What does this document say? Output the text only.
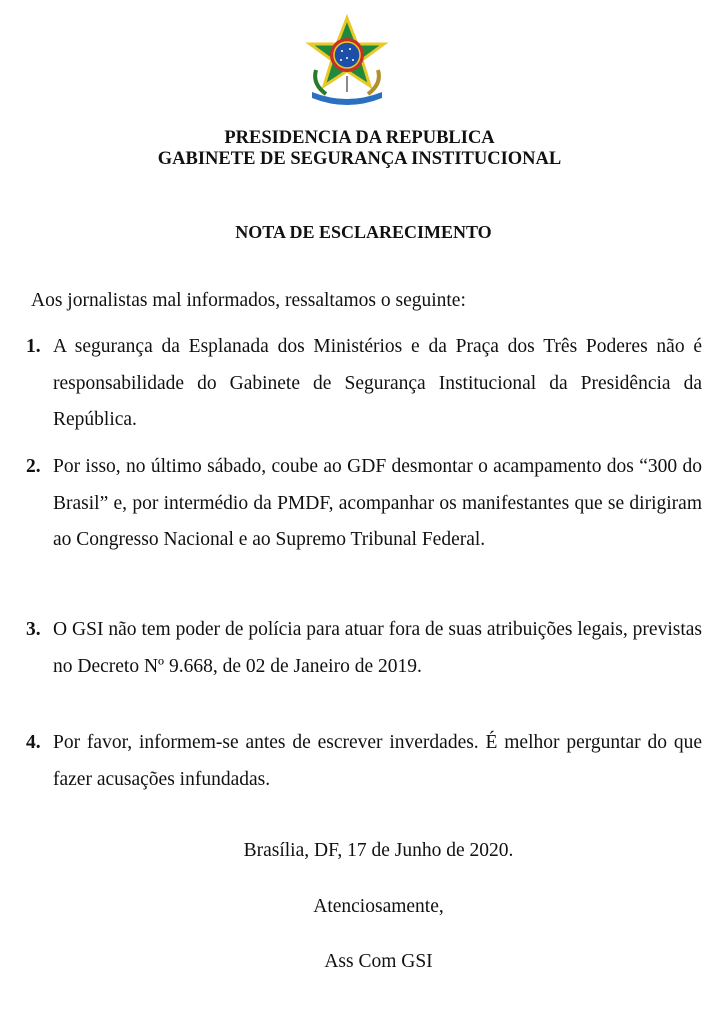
PRESIDENCIA DA REPUBLICA
GABINETE DE SEGURANÇA INSTITUCIONAL
NOTA DE ESCLARECIMENTO
Aos jornalistas mal informados, ressaltamos o seguinte:
1. A segurança da Esplanada dos Ministérios e da Praça dos Três Poderes não é responsabilidade do Gabinete de Segurança Institucional da Presidência da República.
2. Por isso, no último sábado, coube ao GDF desmontar o acampamento dos “300 do Brasil” e, por intermédio da PMDF, acompanhar os manifestantes que se dirigiram ao Congresso Nacional e ao Supremo Tribunal Federal.
3. O GSI não tem poder de polícia para atuar fora de suas atribuições legais, previstas no Decreto Nº 9.668, de 02 de Janeiro de 2019.
4. Por favor, informem-se antes de escrever inverdades. É melhor perguntar do que fazer acusações infundadas.
Brasília, DF, 17 de Junho de 2020.
Atenciosamente,
Ass Com GSI
